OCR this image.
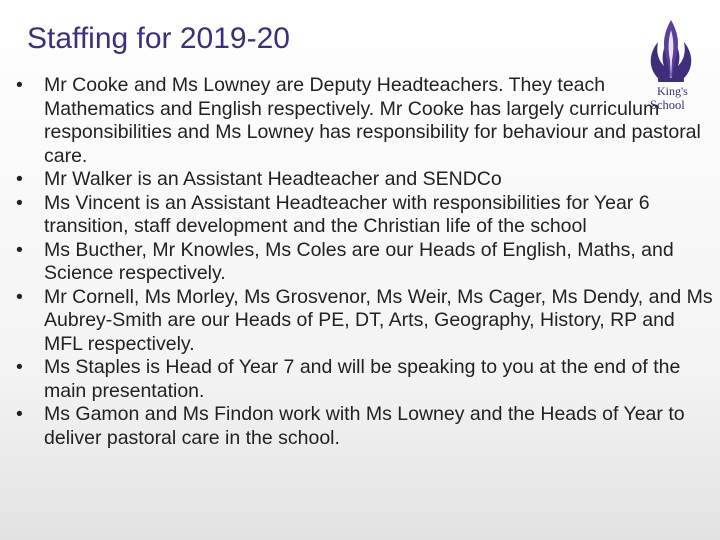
Staffing for 2019-20
King's
School
•	Mr Cooke and Ms Lowney are Deputy Headteachers. They teach Mathematics and English respectively. Mr Cooke has largely curriculum responsibilities and Ms Lowney has responsibility for behaviour and pastoral care.
•	Mr Walker is an Assistant Headteacher and SENDCo
•	Ms Vincent is an Assistant Headteacher with responsibilities for Year 6 transition, staff development and the Christian life of the school
•	Ms Bucther, Mr Knowles, Ms Coles are our Heads of English, Maths, and Science respectively.
•	Mr Cornell, Ms Morley, Ms Grosvenor, Ms Weir, Ms Cager, Ms Dendy, and Ms Aubrey-Smith are our Heads of PE, DT, Arts, Geography, History, RP and MFL respectively.
•	Ms Staples is Head of Year 7 and will be speaking to you at the end of the main presentation.
•	Ms Gamon and Ms Findon work with Ms Lowney and the Heads of Year to deliver pastoral care in the school.
